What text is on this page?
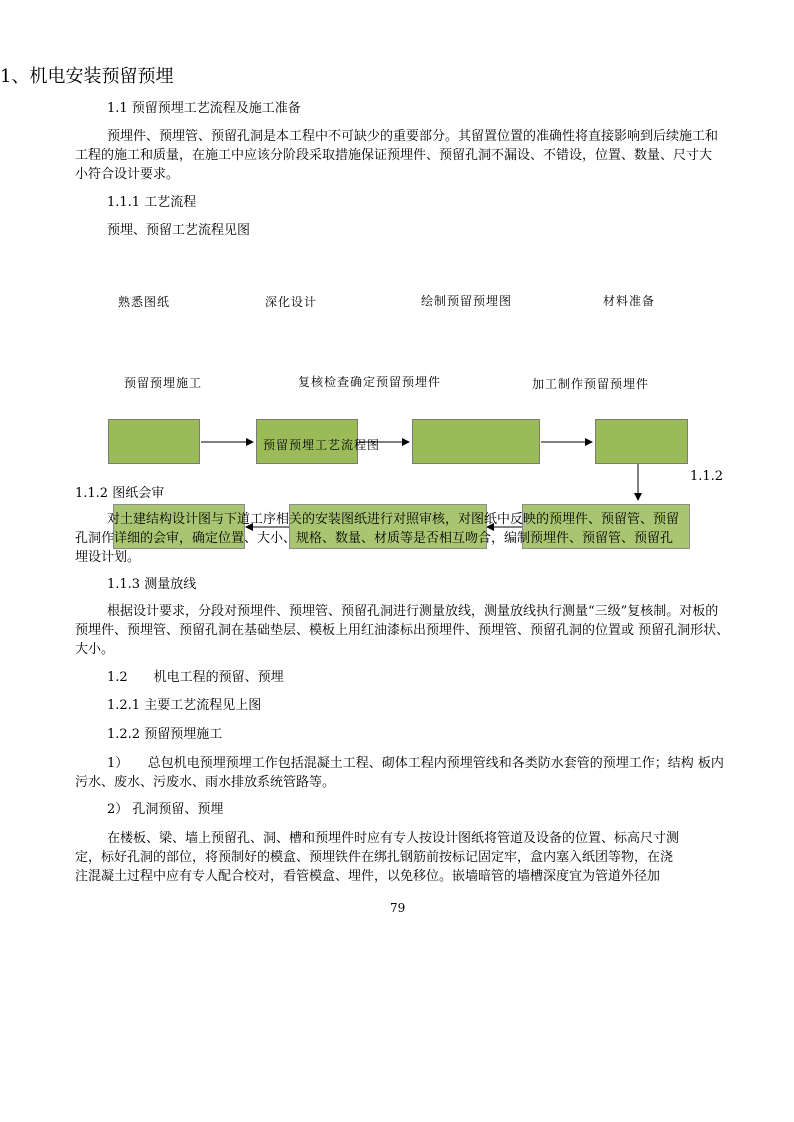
1、机电安装预留预埋
1.1 预留预埋工艺流程及施工准备
预埋件、预埋管、预留孔洞是本工程中不可缺少的重要部分。其留置位置的准确性将直接影响到后续施工和
工程的施工和质量，在施工中应该分阶段采取措施保证预埋件、预留孔洞不漏设、不错设，位置、数量、尺寸大
小符合设计要求。
1.1.1 工艺流程
预埋、预留工艺流程见图
熟悉图纸	深化设计	绘制预留预埋图	材料准备
预留预埋施工	复核检查确定预留预埋件	加工制作预留预埋件
预留预埋工艺流程图
1.1.2
1.1.2 图纸会审
对土建结构设计图与下道工序相关的安装图纸进行对照审核，对图纸中反映的预埋件、预留管、预留
孔洞作详细的会审，确定位置、大小、规格、数量、材质等是否相互吻合，编制预埋件、预留管、预留孔
埋设计划。
1.1.3 测量放线
根据设计要求，分段对预埋件、预埋管、预留孔洞进行测量放线，测量放线执行测量“三级”复核制。对板的
预埋件、预埋管、预留孔洞在基础垫层、模板上用红油漆标出预埋件、预埋管、预留孔洞的位置或 预留孔洞形状、
大小。
1.2　　机电工程的预留、预埋
1.2.1 主要工艺流程见上图
1.2.2 预留预埋施工
1）　　总包机电预埋预埋工作包括混凝土工程、砌体工程内预埋管线和各类防水套管的预埋工作；结构 板内
污水、废水、污废水、雨水排放系统管路等。
2） 孔洞预留、预埋
在楼板、梁、墙上预留孔、洞、槽和预埋件时应有专人按设计图纸将管道及设备的位置、标高尺寸测
定，标好孔洞的部位，将预制好的模盒、预埋铁件在绑扎钢筋前按标记固定牢，盒内塞入纸团等物，在浇
注混凝土过程中应有专人配合校对，看管模盒、埋件，以免移位。嵌墙暗管的墙槽深度宜为管道外径加
79
